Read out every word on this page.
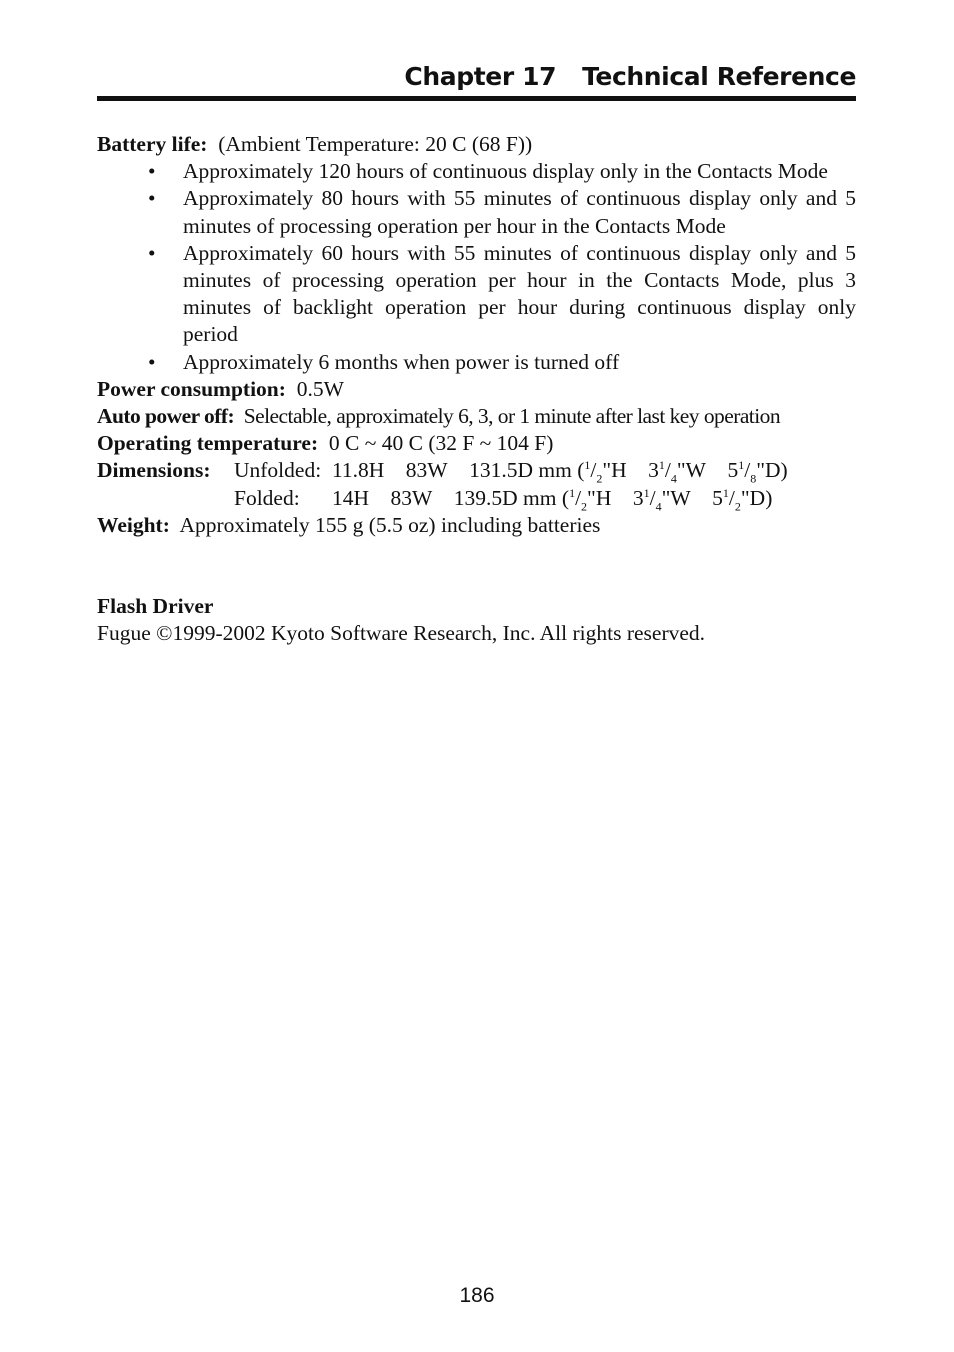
Chapter 17 Technical Reference
Battery life: (Ambient Temperature: 20 C (68 F))
• Approximately 120 hours of continuous display only in the Contacts Mode
• Approximately 80 hours with 55 minutes of continuous display only and 5 minutes of processing operation per hour in the Contacts Mode
• Approximately 60 hours with 55 minutes of continuous display only and 5 minutes of processing operation per hour in the Contacts Mode, plus 3 minutes of backlight operation per hour during continuous display only period
• Approximately 6 months when power is turned off
Power consumption: 0.5W
Auto power off: Selectable, approximately 6, 3, or 1 minute after last key operation
Operating temperature: 0 C ~ 40 C (32 F ~ 104 F)
Dimensions:	Unfolded: 11.8H 83W 131.5D mm ($^1/_2"H$    $3^1/_4"W$    $5^1/_8"D$)
Folded: 14H 83W 139.5D mm ($^1/_2"H$    $3^1/_4"W$    $5^1/_2"D$)
Weight: Approximately 155 g (5.5 oz) including batteries
Flash Driver
Fugue ©1999-2002 Kyoto Software Research, Inc. All rights reserved.
186
